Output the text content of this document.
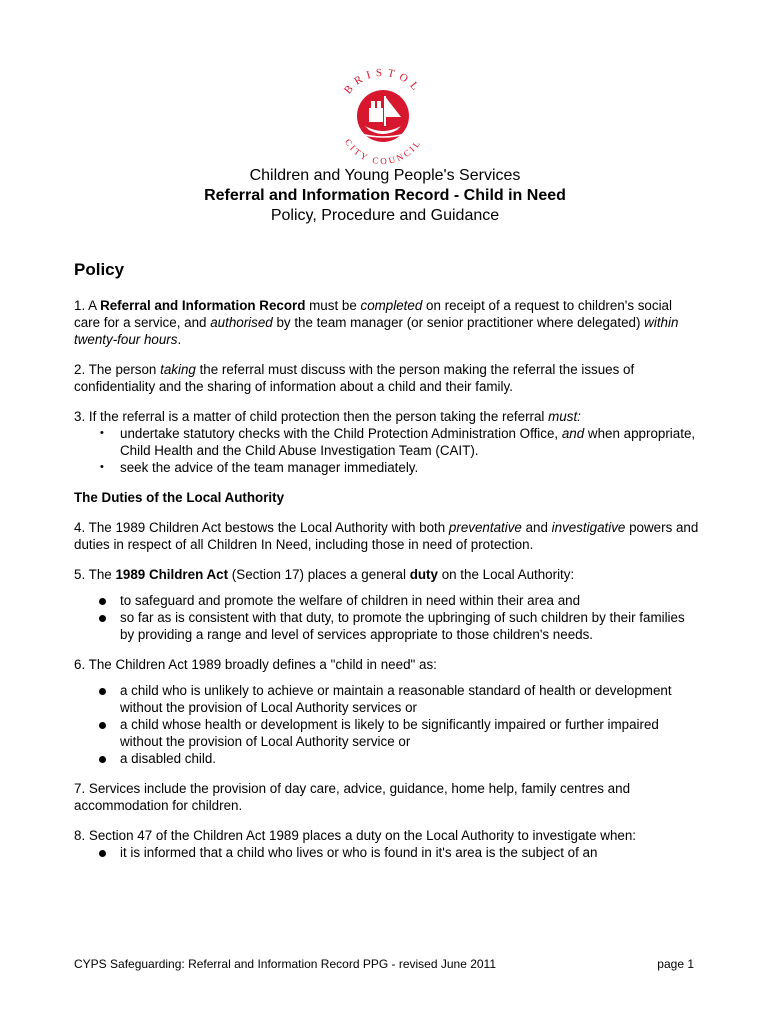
BRISTOL
CITY COUNCIL
Children and Young People's Services
Referral and Information Record - Child in Need
Policy, Procedure and Guidance
Policy

1. A Referral and Information Record must be completed on receipt of a request to children's social care for a service, and authorised by the team manager (or senior practitioner where delegated) within twenty-four hours.

2. The person taking the referral must discuss with the person making the referral the issues of confidentiality and the sharing of information about a child and their family.

3. If the referral is a matter of child protection then the person taking the referral must:

• undertake statutory checks with the Child Protection Administration Office, and when appropriate, Child Health and the Child Abuse Investigation Team (CAIT).
• seek the advice of the team manager immediately.
The Duties of the Local Authority

4. The 1989 Children Act bestows the Local Authority with both preventative and investigative powers and duties in respect of all Children In Need, including those in need of protection.

5. The 1989 Children Act (Section 17) places a general duty on the Local Authority:

to safeguard and promote the welfare of children in need within their area and
so far as is consistent with that duty, to promote the upbringing of such children by their families by providing a range and level of services appropriate to those children's needs.

6. The Children Act 1989 broadly defines a "child in need" as:

a child who is unlikely to achieve or maintain a reasonable standard of health or development without the provision of Local Authority services or
a child whose health or development is likely to be significantly impaired or further impaired without the provision of Local Authority service or
a disabled child.

7. Services include the provision of day care, advice, guidance, home help, family centres and accommodation for children.

8. Section 47 of the Children Act 1989 places a duty on the Local Authority to investigate when:

it is informed that a child who lives or who is found in it's area is the subject of an
CYPS Safeguarding: Referral and Information Record PPG - revised June 2011	page 1
